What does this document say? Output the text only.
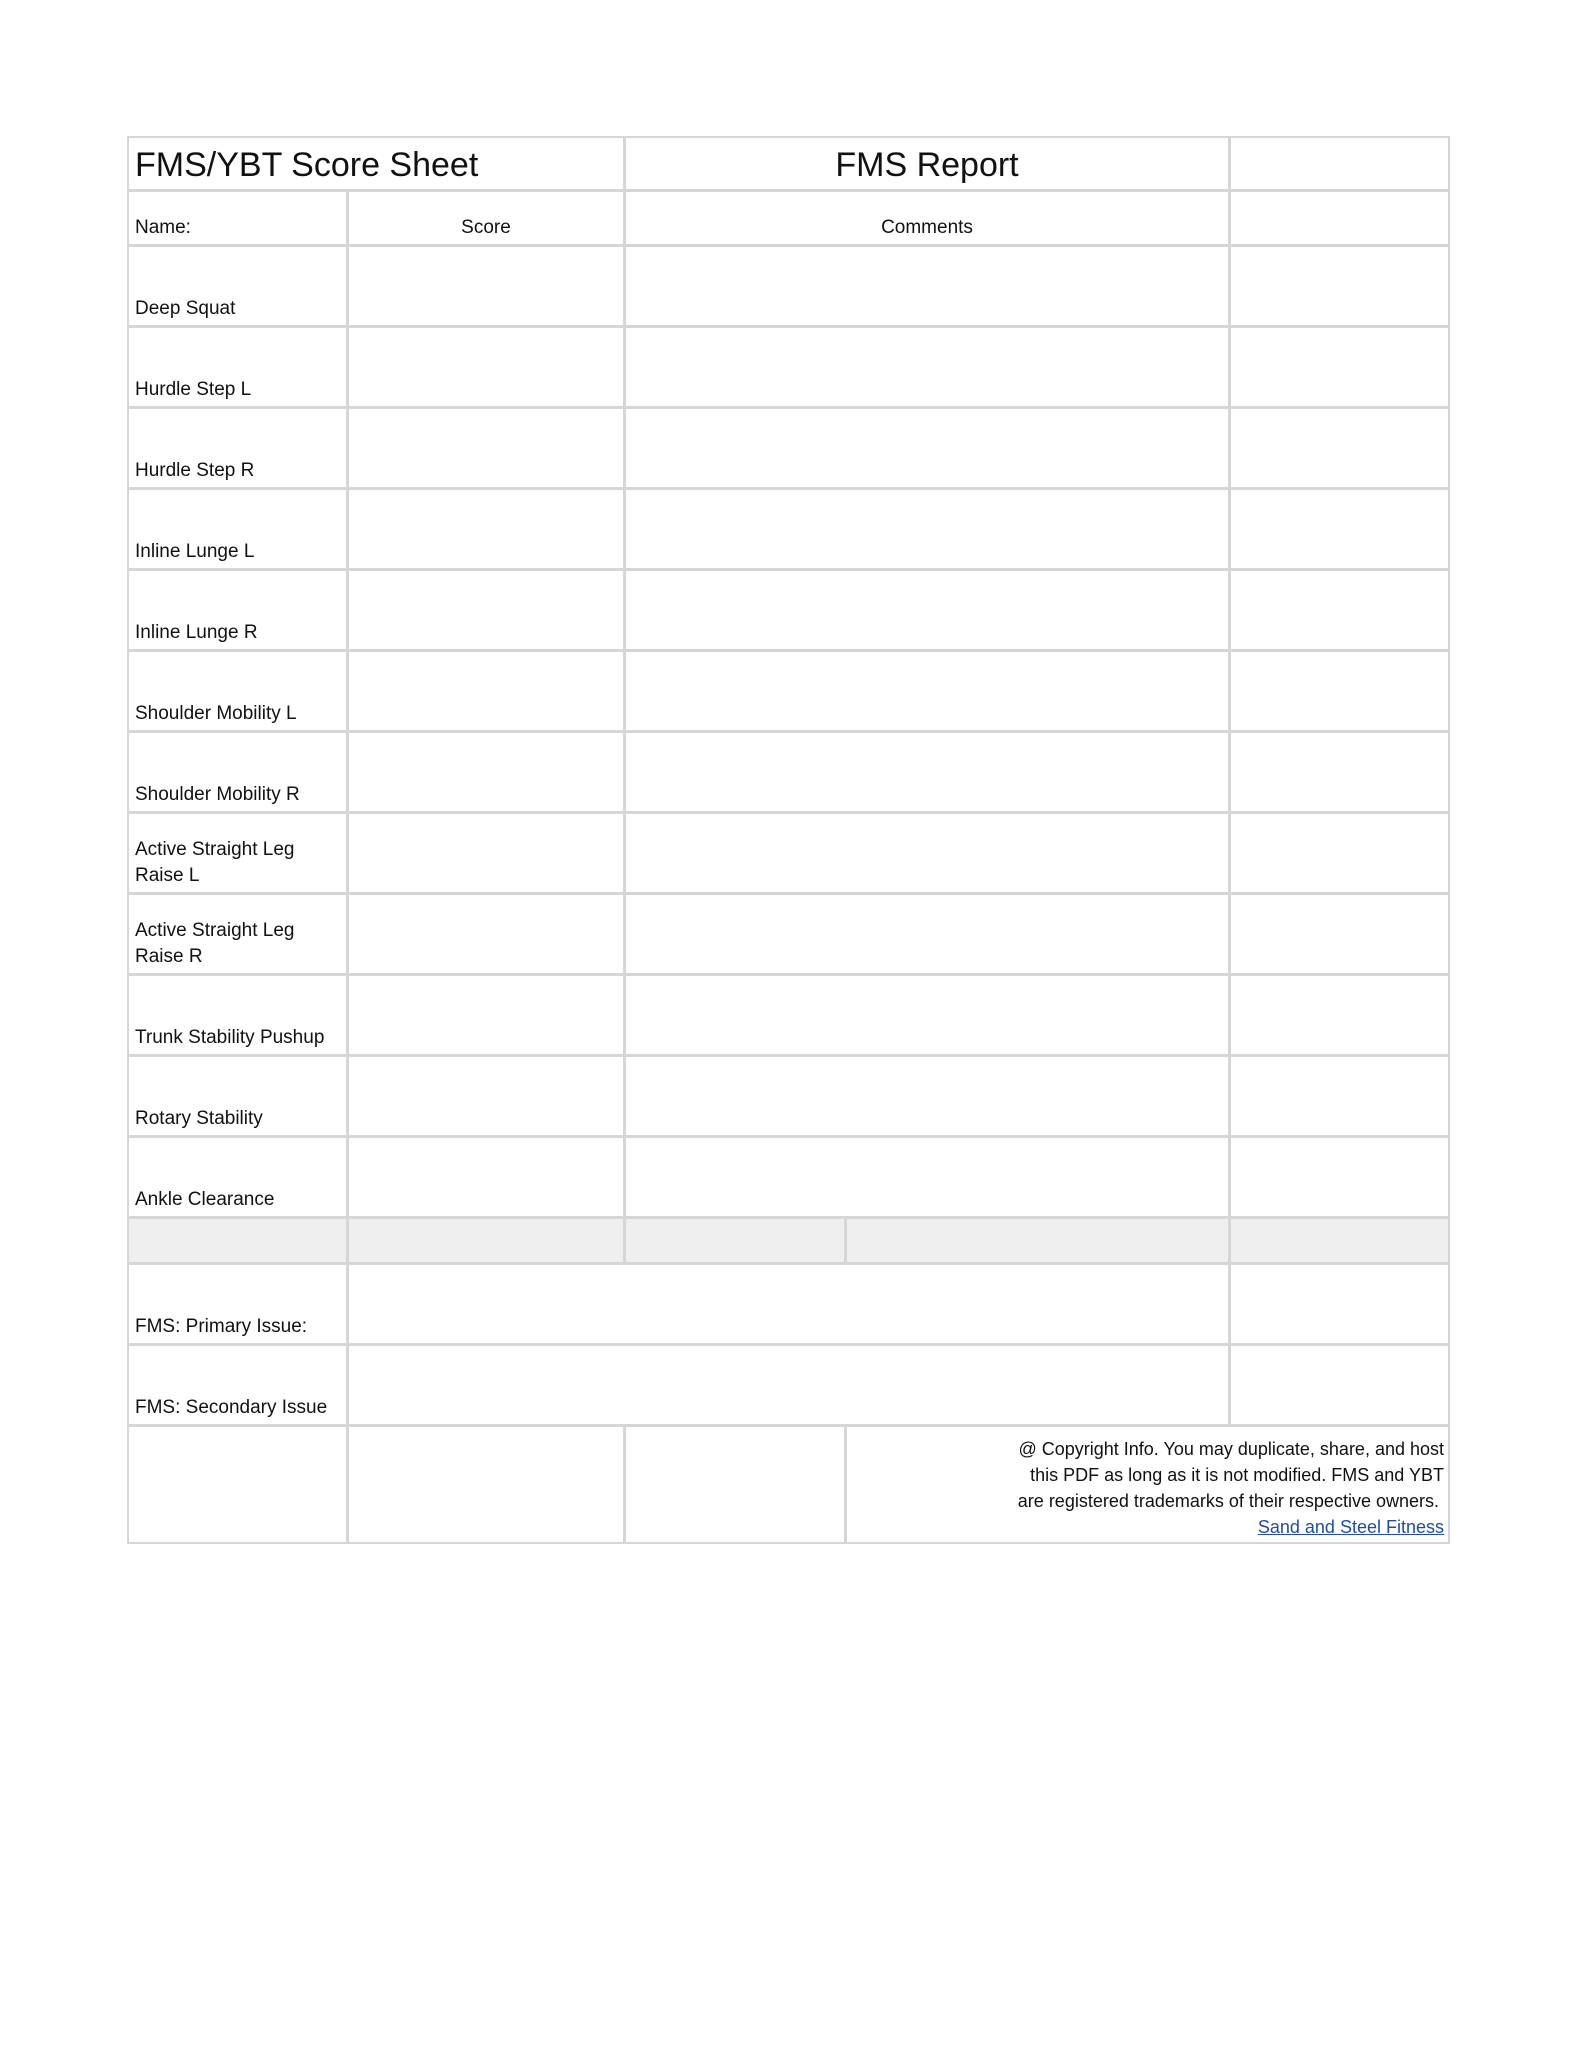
FMS/YBT Score Sheet	FMS Report
Name:	Score	Comments
Deep Squat
Hurdle Step L
Hurdle Step R
Inline Lunge L
Inline Lunge R
Shoulder Mobility L
Shoulder Mobility R
Active Straight Leg Raise L
Active Straight Leg Raise R
Trunk Stability Pushup
Rotary Stability
Ankle Clearance
FMS: Primary Issue:
FMS: Secondary Issue
@ Copyright Info. You may duplicate, share, and host this PDF as long as it is not modified. FMS and YBT are registered trademarks of their respective owners.  Sand and Steel Fitness
